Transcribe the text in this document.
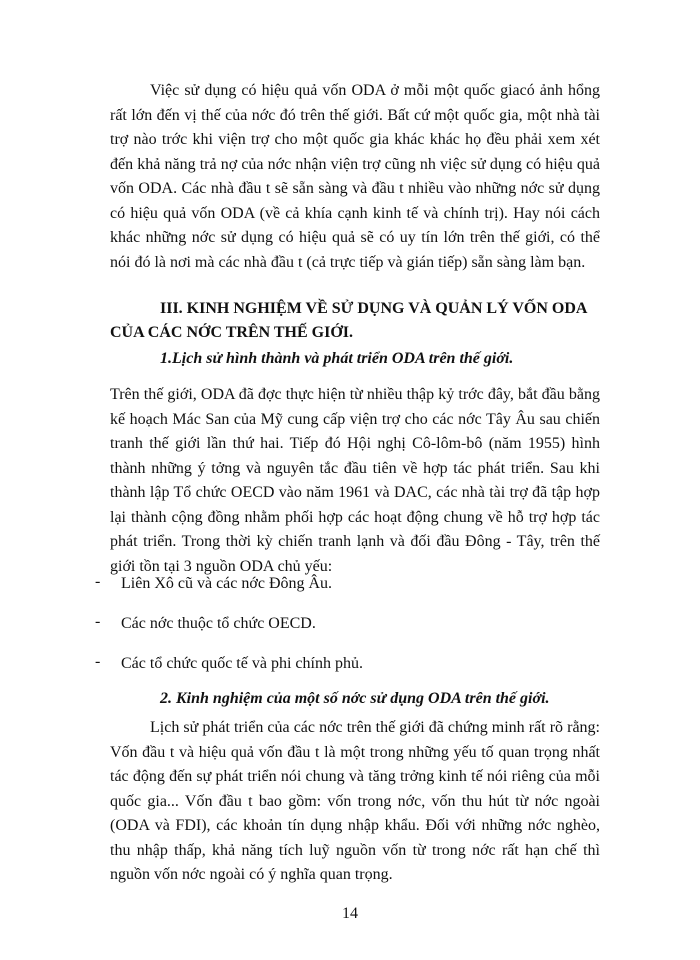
Việc sử dụng có hiệu quả vốn ODA ở mỗi một quốc giacó ảnh hổng rất lớn đến vị thế của nớc đó trên thế giới. Bất cứ một quốc gia, một nhà tài trợ nào trớc khi viện trợ cho một quốc gia khác khác họ đều phải xem xét đến khả năng trả nợ của nớc nhận viện trợ cũng nh việc sử dụng có hiệu quả vốn ODA. Các nhà đầu t sẽ sẵn sàng và đầu t nhiều vào những nớc sử dụng có hiệu quả vốn ODA (về cả khía cạnh kinh tế và chính trị). Hay nói cách khác những nớc sử dụng có hiệu quả sẽ có uy tín lớn trên thế giới, có thể nói đó là nơi mà các nhà đầu t (cả trực tiếp và gián tiếp) sẵn sàng làm bạn.

III. KINH NGHIỆM VỀ SỬ DỤNG VÀ QUẢN LÝ VỐN ODA CỦA CÁC NỚC TRÊN THẾ GIỚI.

1.Lịch sử hình thành và phát triển ODA trên thế giới.

Trên thế giới, ODA đã đợc thực hiện từ nhiều thập kỷ trớc đây, bắt đầu bằng kế hoạch Mác San của Mỹ cung cấp viện trợ cho các nớc Tây Âu sau chiến tranh thế giới lần thứ hai. Tiếp đó Hội nghị Cô-lôm-bô (năm 1955) hình thành những ý tởng và nguyên tắc đầu tiên về hợp tác phát triển. Sau khi thành lập Tổ chức OECD vào năm 1961 và DAC, các nhà tài trợ đã tập hợp lại thành cộng đồng nhằm phối hợp các hoạt động chung về hỗ trợ hợp tác phát triển. Trong thời kỳ chiến tranh lạnh và đối đầu Đông - Tây, trên thế giới tồn tại 3 nguồn ODA chủ yếu:

- Liên Xô cũ và các nớc Đông Âu.
- Các nớc thuộc tổ chức OECD.
- Các tổ chức quốc tế và phi chính phủ.

2. Kinh nghiệm của một số nớc sử dụng ODA trên thế giới.

Lịch sử phát triển của các nớc trên thế giới đã chứng minh rất rõ rằng: Vốn đầu t và hiệu quả vốn đầu t là một trong những yếu tố quan trọng nhất tác động đến sự phát triển nói chung và tăng trởng kinh tế nói riêng của mỗi quốc gia... Vốn đầu t bao gồm: vốn trong nớc, vốn thu hút từ nớc ngoài (ODA và FDI), các khoản tín dụng nhập khẩu. Đối với những nớc nghèo, thu nhập thấp, khả năng tích luỹ nguồn vốn từ trong nớc rất hạn chế thì nguồn vốn nớc ngoài có ý nghĩa quan trọng.

14
